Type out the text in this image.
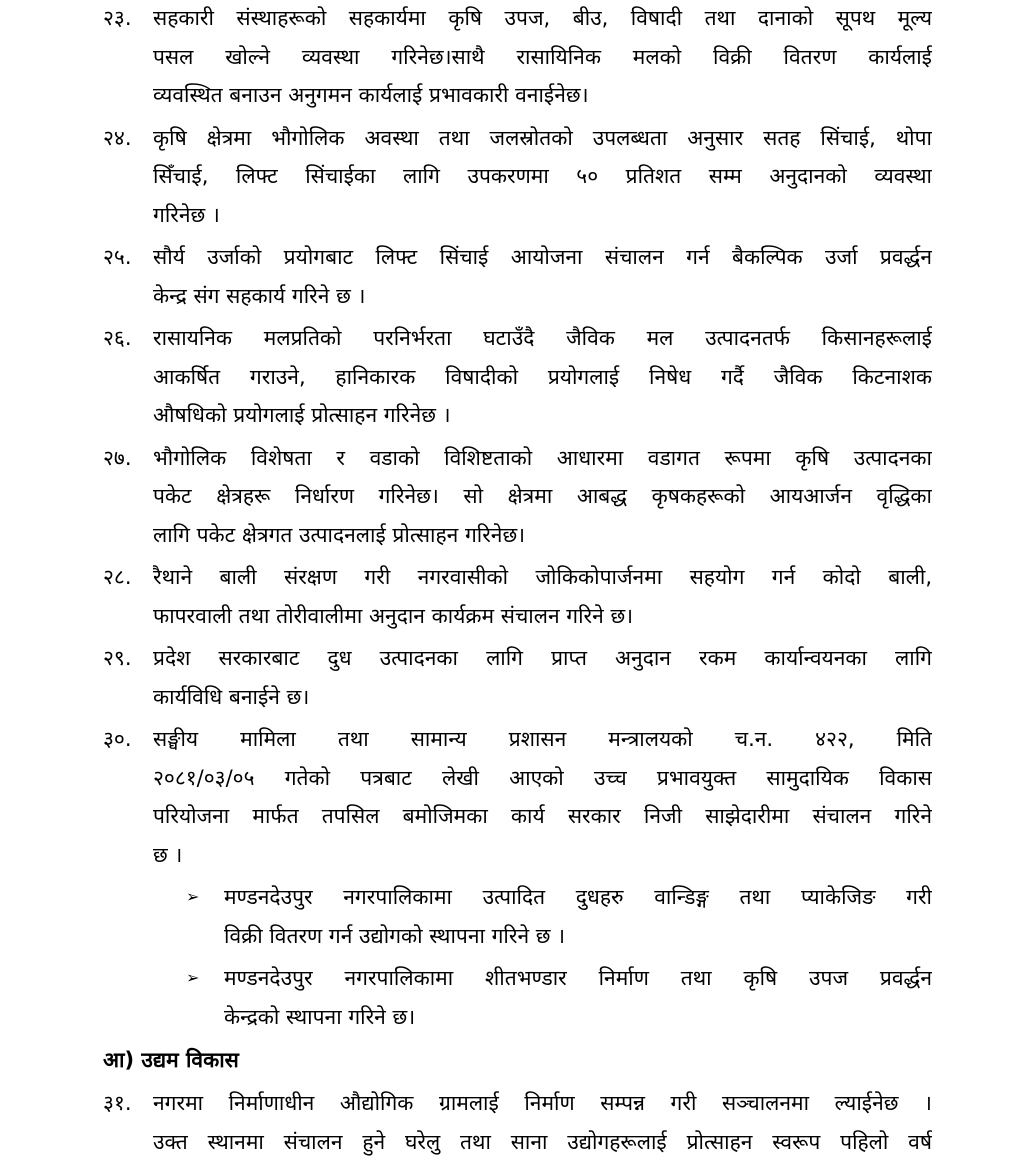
२३. सहकारी संस्थाहरूको सहकार्यमा कृषि उपज, बीउ, विषादी तथा दानाको सूपथ मूल्य
पसल खोल्ने व्यवस्था गरिनेछ।साथै रासायिनिक मलको विक्री वितरण कार्यलाई
व्यवस्थित बनाउन अनुगमन कार्यलाई प्रभावकारी वनाईनेछ।
२४. कृषि क्षेत्रमा भौगोलिक अवस्था तथा जलस्रोतको उपलब्धता अनुसार सतह सिंचाई, थोपा
सिँचाई, लिफ्ट सिंचाईका लागि उपकरणमा ५० प्रतिशत सम्म अनुदानको व्यवस्था
गरिनेछ ।
२५. सौर्य उर्जाको प्रयोगबाट लिफ्ट सिंचाई आयोजना संचालन गर्न बैकल्पिक उर्जा प्रवर्द्धन
केन्द्र संग सहकार्य गरिने छ ।
२६. रासायनिक मलप्रतिको परनिर्भरता घटाउँदै जैविक मल उत्पादनतर्फ किसानहरूलाई
आकर्षित गराउने, हानिकारक विषादीको प्रयोगलाई निषेध गर्दै जैविक किटनाशक
औषधिको प्रयोगलाई प्रोत्साहन गरिनेछ ।
२७. भौगोलिक विशेषता र वडाको विशिष्टताको आधारमा वडागत रूपमा कृषि उत्पादनका
पकेट क्षेत्रहरू निर्धारण गरिनेछ। सो क्षेत्रमा आबद्ध कृषकहरूको आयआर्जन वृद्धिका
लागि पकेट क्षेत्रगत उत्पादनलाई प्रोत्साहन गरिनेछ।
२८. रैथाने बाली संरक्षण गरी नगरवासीको जोकिकोपार्जनमा सहयोग गर्न कोदो बाली,
फापरवाली तथा तोरीवालीमा अनुदान कार्यक्रम संचालन गरिने छ।
२९. प्रदेश सरकारबाट दुध उत्पादनका लागि प्राप्त अनुदान रकम कार्यान्वयनका लागि
कार्यविधि बनाईने छ।
३०. सङ्घीय मामिला तथा सामान्य प्रशासन मन्त्रालयको च.न. ४२२, मिति
२०८१/०३/०५ गतेको पत्रबाट लेखी आएको उच्च प्रभावयुक्त सामुदायिक विकास
परियोजना मार्फत तपसिल बमोजिमका कार्य सरकार निजी साझेदारीमा संचालन गरिने
छ ।
➢ मण्डनदेउपुर नगरपालिकामा उत्पादित दुधहरु वान्डिङ्ग तथा प्याकेजिङ गरी
विक्री वितरण गर्न उद्योगको स्थापना गरिने छ ।
➢ मण्डनदेउपुर नगरपालिकामा शीतभण्डार निर्माण तथा कृषि उपज प्रवर्द्धन
केन्द्रको स्थापना गरिने छ।
आ) उद्यम विकास
३१. नगरमा निर्माणाधीन औद्योगिक ग्रामलाई निर्माण सम्पन्न गरी सञ्चालनमा ल्याईनेछ ।
उक्त स्थानमा संचालन हुने घरेलु तथा साना उद्योगहरूलाई प्रोत्साहन स्वरूप पहिलो वर्ष
